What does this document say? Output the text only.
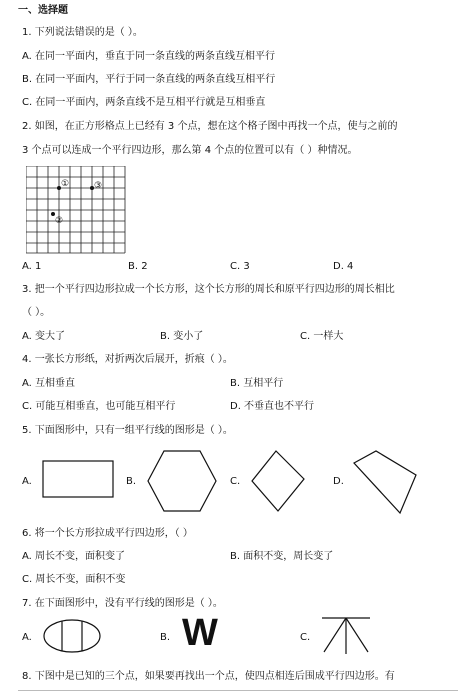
一、选择题
1. 下列说法错误的是（ ）。
A. 在同一平面内，垂直于同一条直线的两条直线互相平行
B. 在同一平面内，平行于同一条直线的两条直线互相平行
C. 在同一平面内，两条直线不是互相平行就是互相垂直
2. 如图，在正方形格点上已经有 3 个点，想在这个格子图中再找一个点，使与之前的
3 个点可以连成一个平行四边形，那么第 4 个点的位置可以有（ ）种情况。
①	③
②
A. 1	B. 2	C. 3	D. 4
3. 把一个平行四边形拉成一个长方形，这个长方形的周长和原平行四边形的周长相比
（ ）。
A. 变大了	B. 变小了	C. 一样大
4. 一张长方形纸，对折两次后展开，折痕（ ）。
A. 互相垂直	B. 互相平行
C. 可能互相垂直，也可能互相平行	D. 不垂直也不平行
5. 下面图形中，只有一组平行线的图形是（ ）。
A.	B.	C.	D.
6. 将一个长方形拉成平行四边形，（ ）
A. 周长不变，面积变了	B. 面积不变，周长变了
C. 周长不变，面积不变
7. 在下面图形中，没有平行线的图形是（ ）。
A.	B.	C.
W
8. 下图中是已知的三个点，如果要再找出一个点，使四点相连后围成平行四边形。有
